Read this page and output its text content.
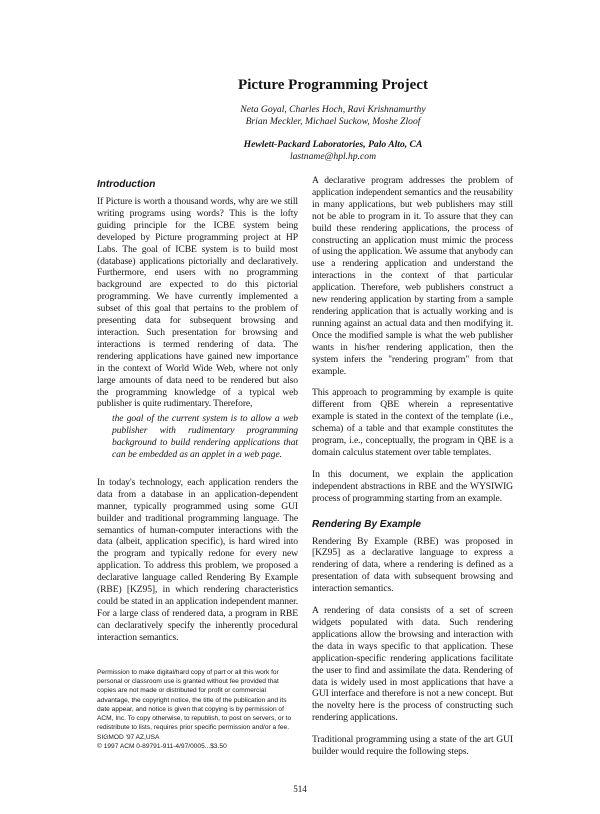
Picture Programming Project
Neta Goyal, Charles Hoch, Ravi Krishnamurthy
Brian Meckler, Michael Suckow, Moshe Zloof
Hewlett-Packard Laboratories, Palo Alto, CA
lastname@hpl.hp.com
Introduction
If Picture is worth a thousand words, why are we still writing programs using words? This is the lofty guiding principle for the ICBE system being developed by Picture programming project at HP Labs. The goal of ICBE system is to build most (database) applications pictorially and declaratively. Furthermore, end users with no programming background are expected to do this pictorial programming. We have currently implemented a subset of this goal that pertains to the problem of presenting data for subsequent browsing and interaction. Such presentation for browsing and interactions is termed rendering of data. The rendering applications have gained new importance in the context of World Wide Web, where not only large amounts of data need to be rendered but also the programming knowledge of a typical web publisher is quite rudimentary. Therefore,
the goal of the current system is to allow a web publisher with rudimentary programming background to build rendering applications that can be embedded as an applet in a web page.
In today's technology, each application renders the data from a database in an application-dependent manner, typically programmed using some GUI builder and traditional programming language. The semantics of human-computer interactions with the data (albeit, application specific), is hard wired into the program and typically redone for every new application. To address this problem, we proposed a declarative language called Rendering By Example (RBE) [KZ95], in which rendering characteristics could be stated in an application independent manner. For a large class of rendered data, a program in RBE can declaratively specify the inherently procedural interaction semantics.
Permission to make digital/hard copy of part or all this work for personal or classroom use is granted without fee provided that copies are not made or distributed for profit or commercial advantage, the copyright notice, the title of the publication and its date appear, and notice is given that copying is by permission of ACM, Inc. To copy otherwise, to republish, to post on servers, or to redistribute to lists, requires prior specific permission and/or a fee.
SIGMOD '97 AZ,USA
© 1997 ACM 0-89791-911-4/97/0005...$3.50
A declarative program addresses the problem of application independent semantics and the reusability in many applications, but web publishers may still not be able to program in it. To assure that they can build these rendering applications, the process of constructing an application must mimic the process of using the application. We assume that anybody can use a rendering application and understand the interactions in the context of that particular application. Therefore, web publishers construct a new rendering application by starting from a sample rendering application that is actually working and is running against an actual data and then modifying it. Once the modified sample is what the web publisher wants in his/her rendering application, then the system infers the "rendering program" from that example.
This approach to programming by example is quite different from QBE wherein a representative example is stated in the context of the template (i.e., schema) of a table and that example constitutes the program, i.e., conceptually, the program in QBE is a domain calculus statement over table templates.
In this document, we explain the application independent abstractions in RBE and the WYSIWIG process of programming starting from an example.
Rendering By Example
Rendering By Example (RBE) was proposed in [KZ95] as a declarative language to express a rendering of data, where a rendering is defined as a presentation of data with subsequent browsing and interaction semantics.
A rendering of data consists of a set of screen widgets populated with data. Such rendering applications allow the browsing and interaction with the data in ways specific to that application. These application-specific rendering applications facilitate the user to find and assimilate the data. Rendering of data is widely used in most applications that have a GUI interface and therefore is not a new concept. But the novelty here is the process of constructing such rendering applications.
Traditional programming using a state of the art GUI builder would require the following steps.
514
